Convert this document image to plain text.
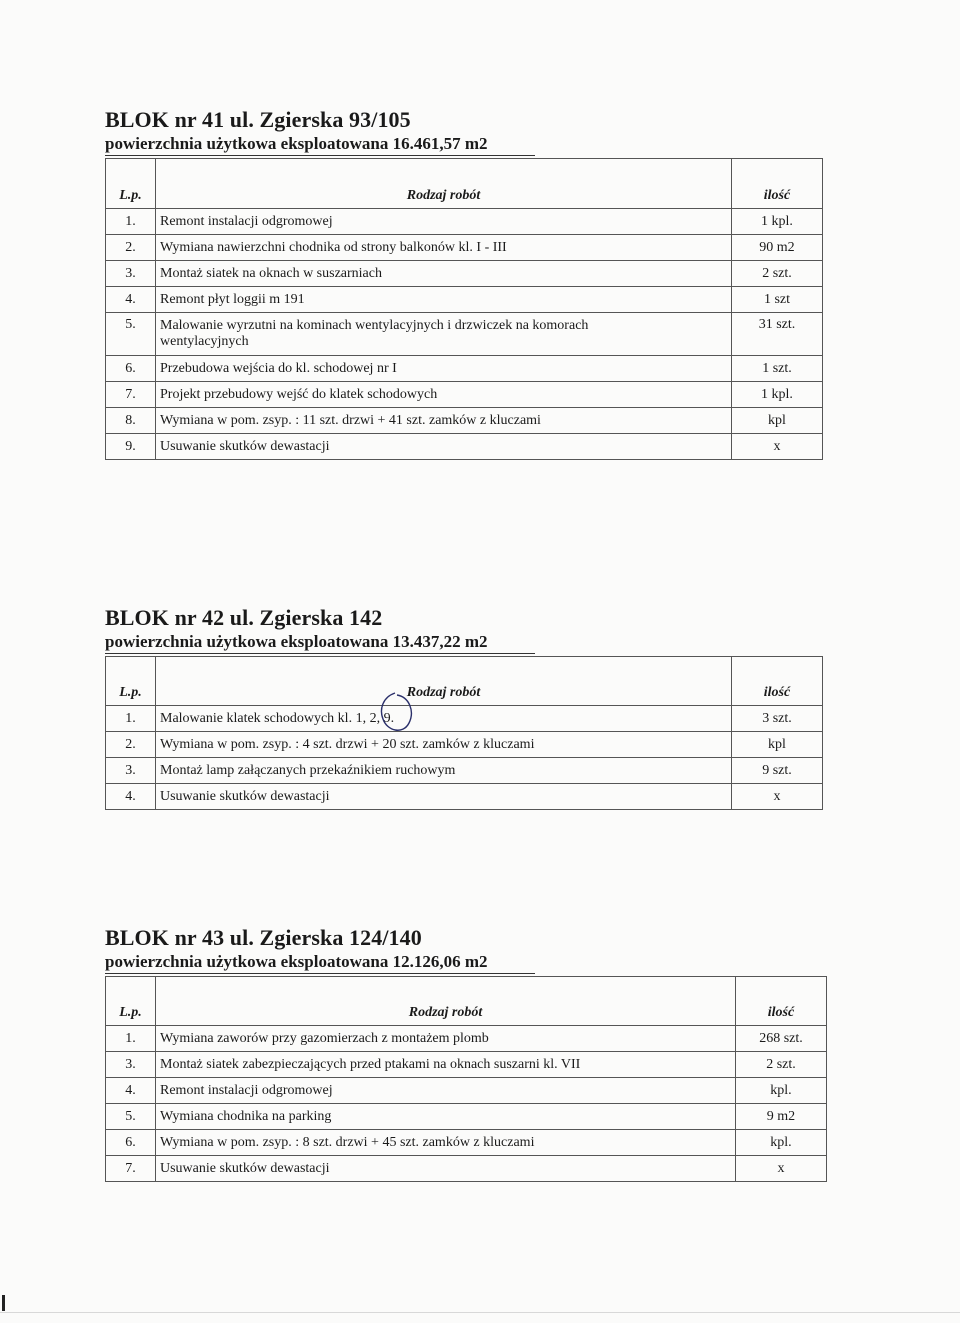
BLOK nr 41 ul. Zgierska 93/105
powierzchnia użytkowa eksploatowana 16.461,57 m2
L.p.	Rodzaj robót	ilość
1.	Remont instalacji odgromowej	1 kpl.
2.	Wymiana nawierzchni chodnika od strony balkonów kl. I - III	90 m2
3.	Montaż siatek na oknach w suszarniach	2 szt.
4.	Remont płyt loggii m 191	1 szt
5.	Malowanie wyrzutni na kominach wentylacyjnych i drzwiczek na komorach wentylacyjnych	31 szt.
6.	Przebudowa wejścia do kl. schodowej nr I	1 szt.
7.	Projekt przebudowy wejść do klatek schodowych	1 kpl.
8.	Wymiana w pom. zsyp. : 11 szt. drzwi + 41 szt. zamków z kluczami	kpl
9.	Usuwanie skutków dewastacji	x
BLOK nr 42 ul. Zgierska 142
powierzchnia użytkowa eksploatowana 13.437,22 m2
L.p.	Rodzaj robót	ilość
1.	Malowanie klatek schodowych kl. 1, 2, 9.	3 szt.
2.	Wymiana w pom. zsyp. : 4 szt. drzwi + 20 szt. zamków z kluczami	kpl
3.	Montaż lamp załączanych przekaźnikiem ruchowym	9 szt.
4.	Usuwanie skutków dewastacji	x
BLOK nr 43 ul. Zgierska 124/140
powierzchnia użytkowa eksploatowana 12.126,06 m2
L.p.	Rodzaj robót	ilość
1.	Wymiana zaworów przy gazomierzach z montażem plomb	268 szt.
3.	Montaż siatek zabezpieczających przed ptakami na oknach suszarni kl. VII	2 szt.
4.	Remont instalacji odgromowej	kpl.
5.	Wymiana chodnika na parking	9 m2
6.	Wymiana w pom. zsyp. : 8 szt. drzwi + 45 szt. zamków z kluczami	kpl.
7.	Usuwanie skutków dewastacji	x
